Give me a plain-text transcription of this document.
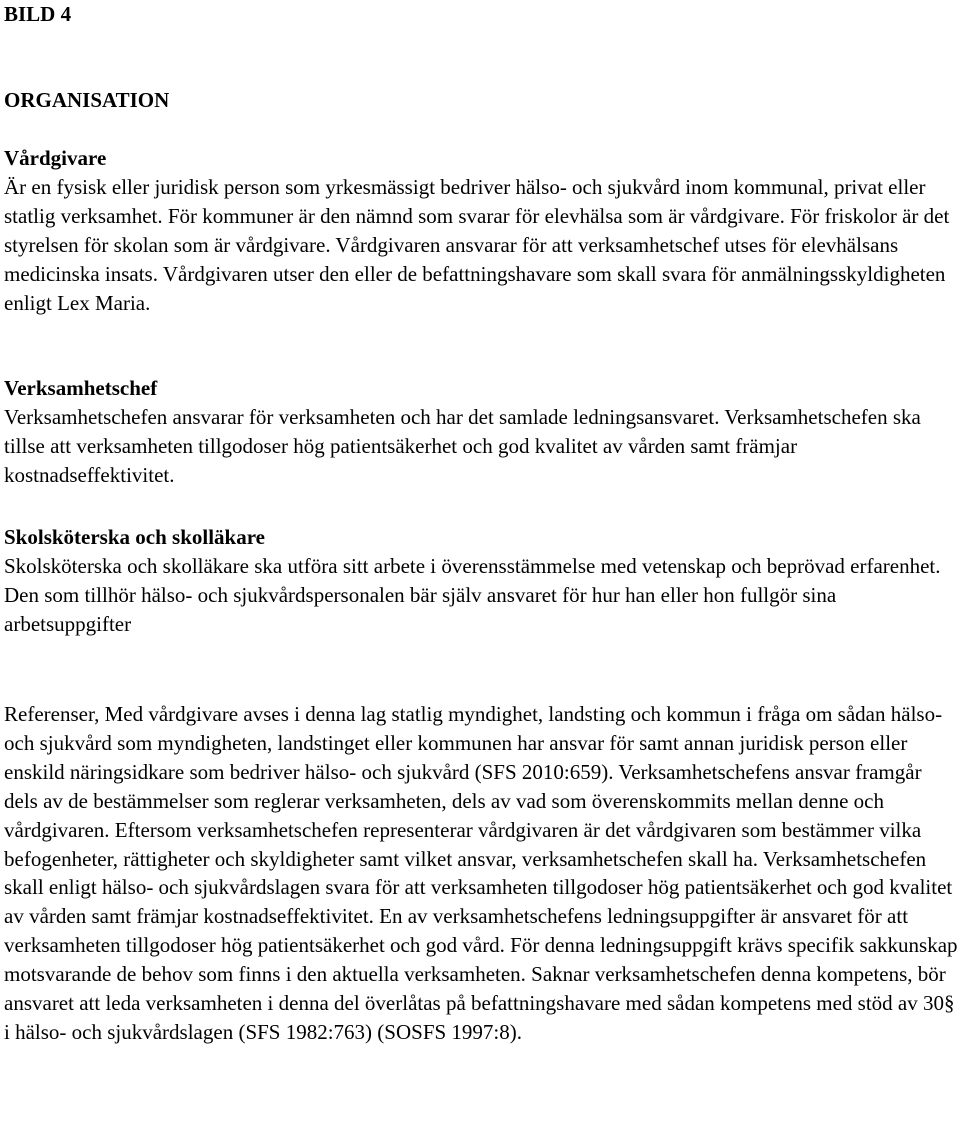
BILD 4
ORGANISATION

Vårdgivare

Är en fysisk eller juridisk person som yrkesmässigt bedriver hälso- och sjukvård inom kommunal, privat eller statlig verksamhet. För kommuner är den nämnd som svarar för elevhälsa som är vårdgivare. För friskolor är det styrelsen för skolan som är vårdgivare. Vårdgivaren ansvarar för att verksamhetschef utses för elevhälsans medicinska insats. Vårdgivaren utser den eller de befattningshavare som skall svara för anmälningsskyldigheten enligt Lex Maria.

Verksamhetschef

Verksamhetschefen ansvarar för verksamheten och har det samlade ledningsansvaret. Verksamhetschefen ska tillse att verksamheten tillgodoser hög patientsäkerhet och god kvalitet av vården samt främjar kostnadseffektivitet.

Skolsköterska och skolläkare

Skolsköterska och skolläkare ska utföra sitt arbete i överensstämmelse med vetenskap och beprövad erfarenhet. Den som tillhör hälso- och sjukvårdspersonalen bär själv ansvaret för hur han eller hon fullgör sina arbetsuppgifter

Referenser, Med vårdgivare avses i denna lag statlig myndighet, landsting och kommun i fråga om sådan hälso- och sjukvård som myndigheten, landstinget eller kommunen har ansvar för samt annan juridisk person eller enskild näringsidkare som bedriver hälso- och sjukvård (SFS 2010:659). Verksamhetschefens ansvar framgår dels av de bestämmelser som reglerar verksamheten, dels av vad som överenskommits mellan denne och vårdgivaren. Eftersom verksamhetschefen representerar vårdgivaren är det vårdgivaren som bestämmer vilka befogenheter, rättigheter och skyldigheter samt vilket ansvar, verksamhetschefen skall ha. Verksamhetschefen skall enligt hälso- och sjukvårdslagen svara för att verksamheten tillgodoser hög patientsäkerhet och god kvalitet av vården samt främjar kostnadseffektivitet. En av verksamhetschefens ledningsuppgifter är ansvaret för att verksamheten tillgodoser hög patientsäkerhet och god vård. För denna ledningsuppgift krävs specifik sakkunskap motsvarande de behov som finns i den aktuella verksamheten. Saknar verksamhetschefen denna kompetens, bör ansvaret att leda verksamheten i denna del överlåtas på befattningshavare med sådan kompetens med stöd av 30§ i hälso- och sjukvårdslagen (SFS 1982:763) (SOSFS 1997:8).
